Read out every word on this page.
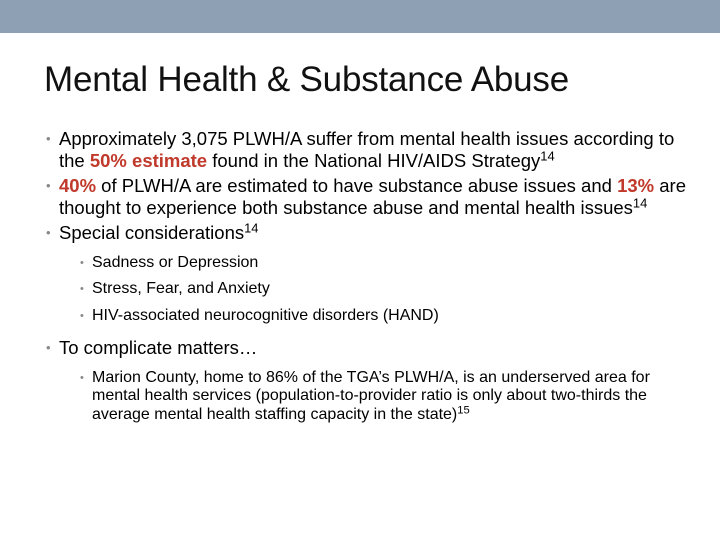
Mental Health & Substance Abuse
• Approximately 3,075 PLWH/A suffer from mental health issues according to the 50% estimate found in the National HIV/AIDS Strategy$^{14}$
• 40% of PLWH/A are estimated to have substance abuse issues and 13% are thought to experience both substance abuse and mental health issues$^{14}$
• Special considerations$^{14}$
• Sadness or Depression
• Stress, Fear, and Anxiety
• HIV-associated neurocognitive disorders (HAND)
• To complicate matters…
• Marion County, home to 86% of the TGA’s PLWH/A, is an underserved area for mental health services (population-to-provider ratio is only about two-thirds the average mental health staffing capacity in the state)$^{15}$
